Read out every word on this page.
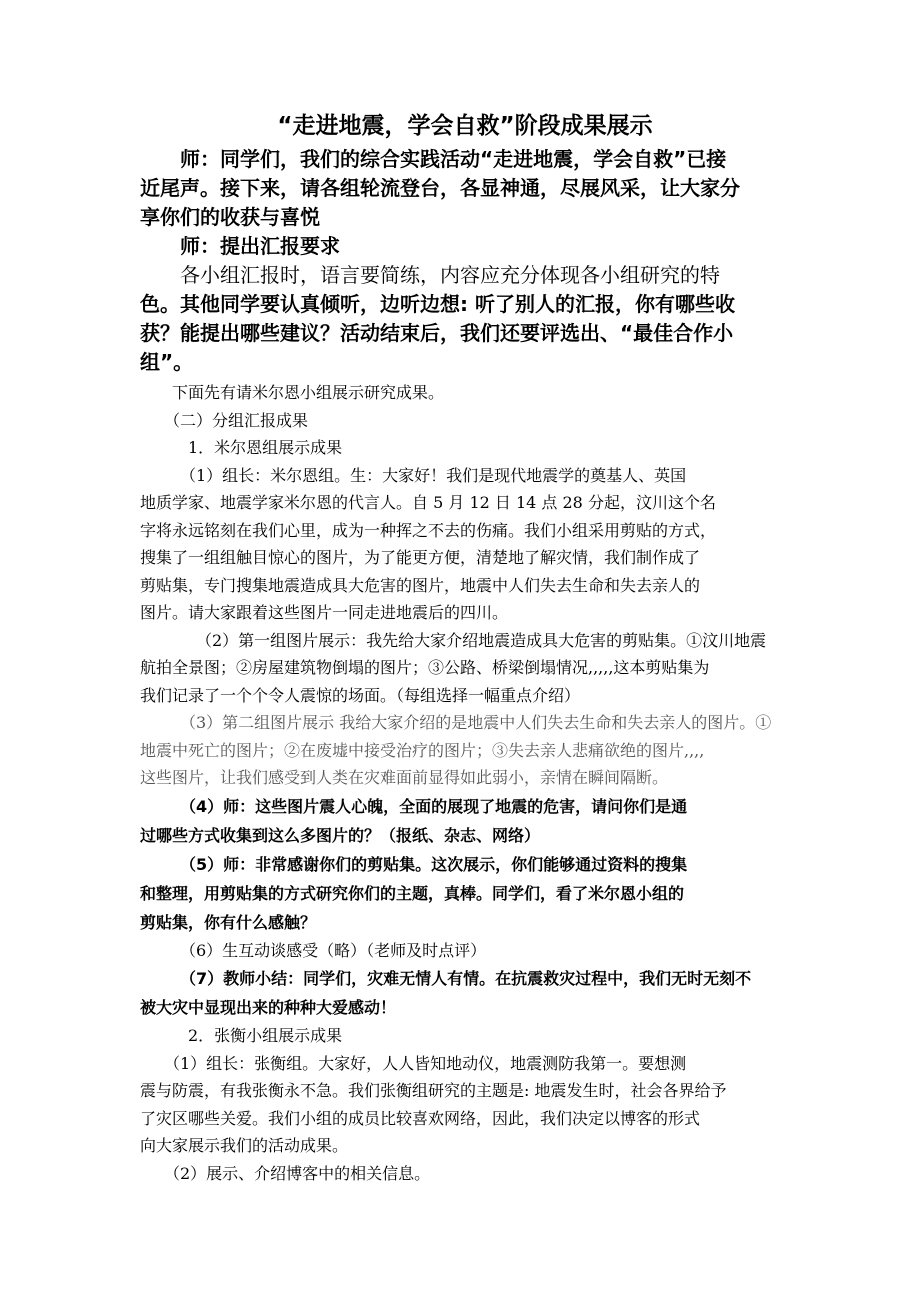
“走进地震，学会自救”阶段成果展示

　　师：同学们，我们的综合实践活动“走进地震，学会自救”已接

近尾声。接下来，请各组轮流登台，各显神通，尽展风采，让大家分

享你们的收获与喜悦

　　师：提出汇报要求

　　各小组汇报时，语言要简练，内容应充分体现各小组研究的特

色。其他同学要认真倾听，边听边想: 听了别人的汇报，你有哪些收

获？能提出哪些建议？活动结束后，我们还要评选出、“最佳合作小

组”。

　　下面先有请米尔恩小组展示研究成果。

　　（二）分组汇报成果

　　　1．米尔恩组展示成果

　　　（1）组长：米尔恩组。生：大家好！我们是现代地震学的奠基人、英国

地质学家、地震学家米尔恩的代言人。自 5 月 12 日 14 点 28 分起，汶川这个名

字将永远铭刻在我们心里，成为一种挥之不去的伤痛。我们小组采用剪贴的方式，

搜集了一组组触目惊心的图片，为了能更方便，清楚地了解灾情，我们制作成了

剪贴集，专门搜集地震造成具大危害的图片，地震中人们失去生命和失去亲人的

图片。请大家跟着这些图片一同走进地震后的四川。

　　　　（2）第一组图片展示：我先给大家介绍地震造成具大危害的剪贴集。①汶川地震

航拍全景图；②房屋建筑物倒塌的图片；③公路、桥梁倒塌情况,,,,,这本剪贴集为

我们记录了一个个令人震惊的场面。（每组选择一幅重点介绍）

　　　（3）第二组图片展示 我给大家介绍的是地震中人们失去生命和失去亲人的图片。①

地震中死亡的图片；②在废墟中接受治疗的图片；③失去亲人悲痛欲绝的图片,,,,

这些图片，让我们感受到人类在灾难面前显得如此弱小，亲情在瞬间隔断。

　　　（4）师：这些图片震人心魄，全面的展现了地震的危害，请问你们是通

过哪些方式收集到这么多图片的？（报纸、杂志、网络）

　　　（5）师：非常感谢你们的剪贴集。这次展示，你们能够通过资料的搜集

和整理，用剪贴集的方式研究你们的主题，真棒。同学们，看了米尔恩小组的

剪贴集，你有什么感触？

　　　（6）生互动谈感受（略）（老师及时点评）

　　　（7）教师小结：同学们，灾难无情人有情。在抗震救灾过程中，我们无时无刻不

被大灾中显现出来的种种大爱感动！

　　　2．张衡小组展示成果

　　（1）组长：张衡组。大家好，人人皆知地动仪，地震测防我第一。要想测

震与防震，有我张衡永不急。我们张衡组研究的主题是: 地震发生时，社会各界给予

了灾区哪些关爱。我们小组的成员比较喜欢网络，因此，我们决定以博客的形式

向大家展示我们的活动成果。

　　（2）展示、介绍博客中的相关信息。
